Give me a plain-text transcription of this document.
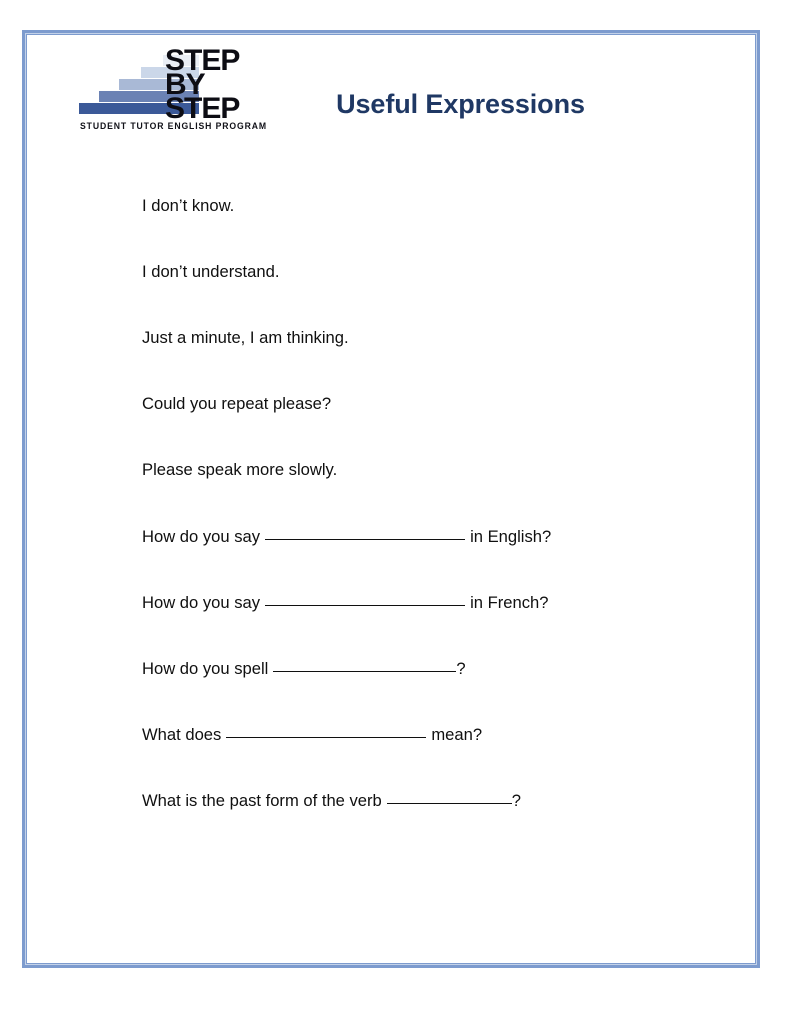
STEP
BY
STEP
STUDENT TUTOR ENGLISH PROGRAM
Useful Expressions
I don’t know.
I don’t understand.
Just a minute, I am thinking.
Could you repeat please?
Please speak more slowly.
How do you say	in English?
How do you say	in French?
How do you spell	?
What does	mean?
What is the past form of the verb	?
